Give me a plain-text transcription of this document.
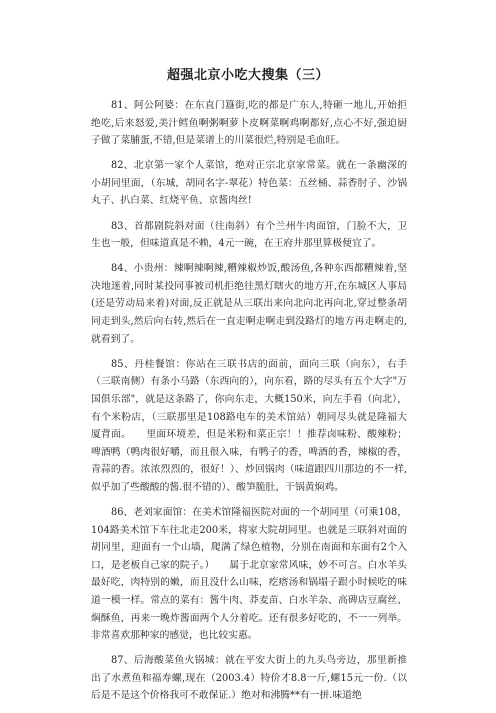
超强北京小吃大搜集（三）

81、阿公阿婆：在东直门簋街,吃的都是广东人,特砸一地儿,开始拒绝吃,后来怒爱,美汁鳕鱼啊粥啊萝卜皮啊菜啊鸡啊都好,点心不好,强迫厨子做了菜脯蛋,不错,但是菜谱上的川菜很烂,特别是毛血旺。

82、北京第一家个人菜馆，绝对正宗北京家常菜。就在一条幽深的小胡同里面，（东城，胡同名字-翠花）特色菜：五丝桶、蒜香肘子、沙锅丸子、扒白菜、红烧平鱼、京酱肉丝!

83、首都剧院斜对面（往南斜）有个兰州牛肉面馆，门脸不大，卫生也一般，但味道真是不赖，4元一碗，在王府井那里算极便宜了。

84、小贵州：辣啊辣啊辣,糟辣椒炒饭,酸汤鱼,各种东西都糟辣着,坚决地迷着,同时某投同事被司机拒绝往黑灯瞎火的地方开,在东城区人事局(还是劳动局来着)对面,反正就是从三联出来向北向北再向北,穿过整条胡同走到头,然后向右转,然后在一直走啊走啊走到没路灯的地方再走啊走的,就看到了。

85、丹桂餐馆：你站在三联书店的面前，面向三联（向东），右手（三联南侧）有条小马路（东西向的），向东看，路的尽头有五个大字"万国俱乐部"，就是这条路了，你向东走，大概150米，向左手看（向北），有个米粉店，（三联那里是108路电车的美术馆站）朝同尽头就是隆福大厦背面。　　里面环境差，但是米粉和菜正宗！！推荐卤味粉、酸辣粉；啤酒鸭（鸭肉很好嚼，而且很入味，有鸭子的香，啤酒的香，辣椒的香，青蒜的香。浓浓烈烈的，很好！）、炒回锅肉（味道跟四川那边的不一样,似乎加了些酸酸的酱.很不错的）、酸笋脆肚，干锅黄焖鸡。

86、老刘家面馆：在美术馆隆福医院对面的一个胡同里（可乘108，104路美术馆下车往北走200米，将家大院胡同里。也就是三联斜对面的胡同里，迎面有一个山墙，爬满了绿色植物，分别在南面和东面有2个入口，是老板自己家的院子。）　　属于北京家常风味，妙不可言。白水羊头最好吃，肉特别的嫩，而且没什么山味，疙瘩汤和锅塌子跟小时候吃的味道一模一样。常点的菜有：酱牛肉、莽麦苗、白水羊杂、高碑店豆腐丝、焖酥鱼，再来一晚炸酱面两个人分着吃。还有很多好吃的，不一一列举。非常喜欢那种家的感觉，也比较实惠。

87、后海酸菜鱼火锅城：就在平安大街上的九头鸟旁边，那里新推出了水煮鱼和福寿螺,现在（2003.4）特价才8.8一斤,螺15元一份.（以后是不是这个价格我可不敢保证.）绝对和沸腾**有一拼.味道绝
